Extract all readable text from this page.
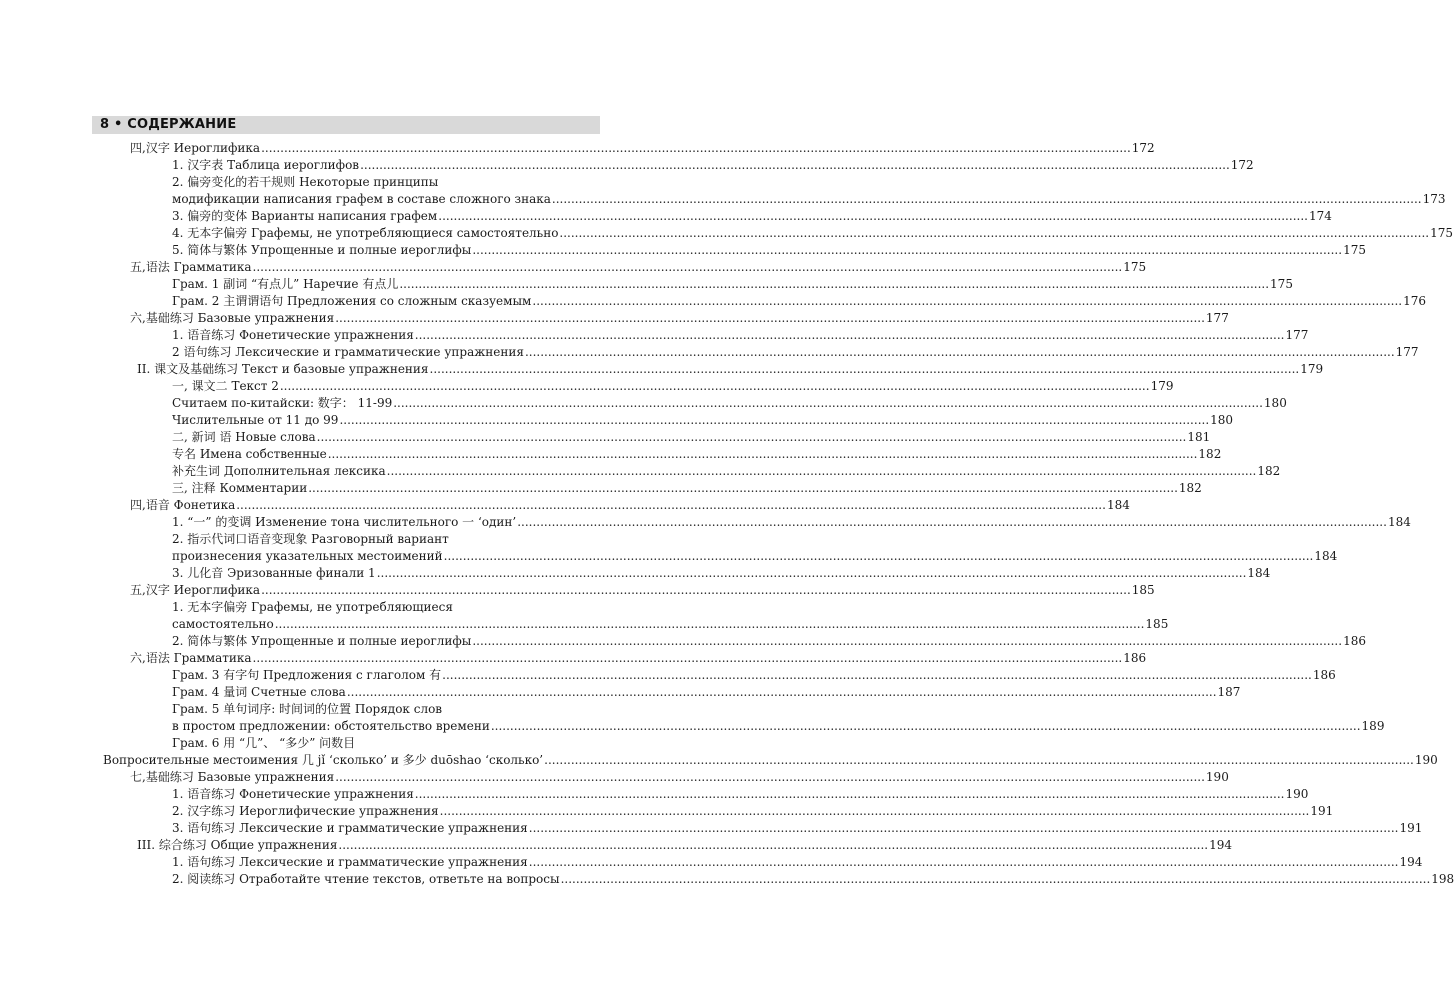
8 • СОДЕРЖАНИЕ
四, 汉字 Иероглифика .....	172
1. 汉字表 Таблица иероглифов .....	172
2. 偏旁变化的若干规则 Некоторые принципы
модификации написания графем в составе сложного знака .....	173
3. 偏旁的变体 Варианты написания графем .....	174
4. 无本字偏旁 Графемы, не употребляющиеся самостоятельно .....	175
5. 简体与繁体 Упрощенные и полные иероглифы .....	175
五, 语法 Грамматика .....	175
Грам. 1 副词 “有点儿” Наречие 有点儿 .....	175
Грам. 2 主谓谓语句 Предложения со сложным сказуемым .....	176
六, 基础练习 Базовые упражнения .....	177
1. 语音练习 Фонетические упражнения .....	177
2 语句练习 Лексические и грамматические упражнения .....	177
II. 课文及基础练习 Текст и базовые упражнения .....	179
一, 课文二 Текст 2 .....	179
Считаем по-китайски: 数字： 11-99 .....	180
Числительные от 11 до 99 .....	180
二, 新词 语 Новые слова .....	181
专名 Имена собственные .....	182
补充生词 Дополнительная лексика .....	182
三, 注释 Комментарии .....	182
四, 语音 Фонетика .....	184
1. “一” 的变调 Изменение тона числительного 一 ‘один’ .....	184
2. 指示代词口语音变现象 Разговорный вариант
произнесения указательных местоимений .....	184
3. 儿化音 Эризованные финали 1 .....	184
五, 汉字 Иероглифика .....	185
1. 无本字偏旁 Графемы, не употребляющиеся
самостоятельно .....	185
2. 简体与繁体 Упрощенные и полные иероглифы .....	186
六, 语法 Грамматика .....	186
Грам. 3 有字句 Предложения с глаголом 有 .....	186
Грам. 4 量词 Счетные слова .....	187
Грам. 5 单句词序: 时间词的位置 Порядок слов
в простом предложении: обстоятельство времени .....	189
Грам. 6 用 “几”、 “多少” 问数目
Вопросительные местоимения 几 jǐ ‘сколько’ и 多少 duōshao ‘сколько’ .....	190
七, 基础练习 Базовые упражнения .....	190
1. 语音练习 Фонетические упражнения .....	190
2. 汉字练习 Иероглифические упражнения .....	191
3. 语句练习 Лексические и грамматические упражнения .....	191
III. 综合练习 Общие упражнения .....	194
1. 语句练习 Лексические и грамматические упражнения .....	194
2. 阅读练习 Отработайте чтение текстов, ответьте на вопросы .....	198
